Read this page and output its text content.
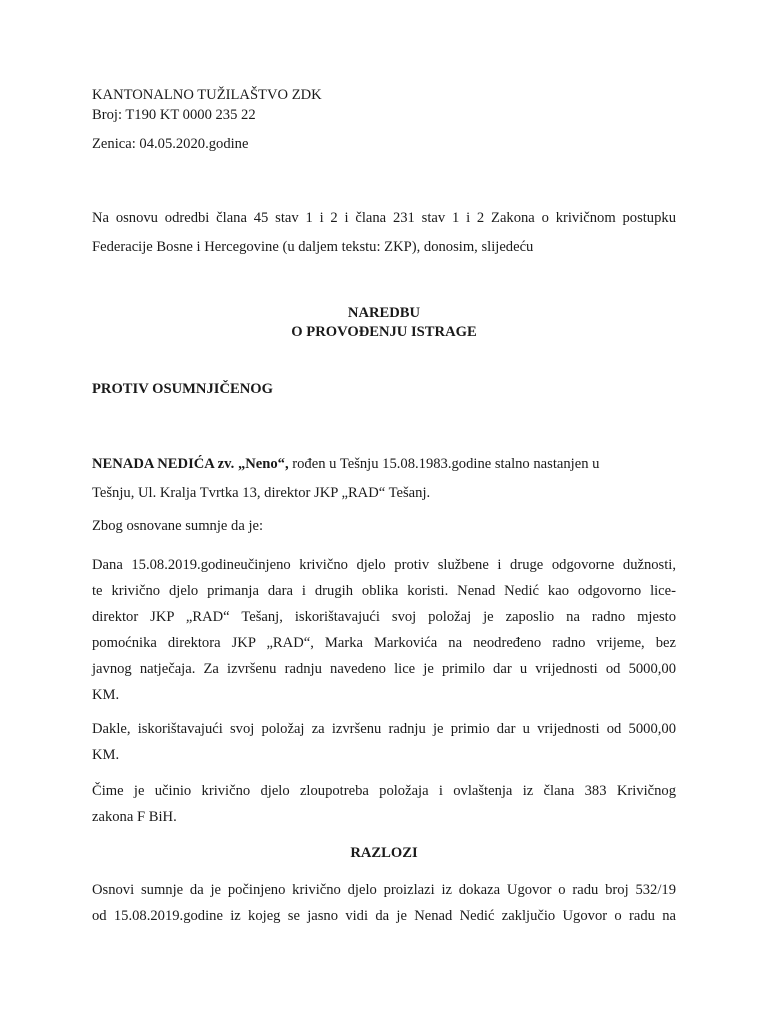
KANTONALNO TUŽILAŠTVO ZDK
Broj: T190 KT 0000 235 22
Zenica: 04.05.2020.godine
Na osnovu odredbi člana 45 stav 1 i 2 i člana 231 stav 1 i 2 Zakona o krivičnom postupku
Federacije Bosne i Hercegovine (u daljem tekstu: ZKP), donosim, slijedeću
NAREDBU
O PROVOĐENJU ISTRAGE
PROTIV OSUMNJIČENOG
NENADA NEDIĆA zv. „Neno“, rođen u Tešnju 15.08.1983.godine stalno nastanjen u
Tešnju, Ul. Kralja Tvrtka 13, direktor JKP „RAD“ Tešanj.
Zbog osnovane sumnje da je:
Dana 15.08.2019.godineučinjeno krivično djelo protiv službene i druge odgovorne dužnosti,
te krivično djelo primanja dara i drugih oblika koristi. Nenad Nedić kao odgovorno lice-
direktor JKP „RAD“ Tešanj, iskorištavajući svoj položaj je zaposlio na radno mjesto
pomoćnika direktora JKP „RAD“, Marka Markovića na neodređeno radno vrijeme, bez
javnog natječaja. Za izvršenu radnju navedeno lice je primilo dar u vrijednosti od 5000,00
KM.
Dakle, iskorištavajući svoj položaj za izvršenu radnju je primio dar u vrijednosti od 5000,00
KM.
Čime je učinio krivično djelo zloupotreba položaja i ovlaštenja iz člana 383 Krivičnog
zakona F BiH.
RAZLOZI
Osnovi sumnje da je počinjeno krivično djelo proizlazi iz dokaza Ugovor o radu broj 532/19
od 15.08.2019.godine iz kojeg se jasno vidi da je Nenad Nedić zaključio Ugovor o radu na
